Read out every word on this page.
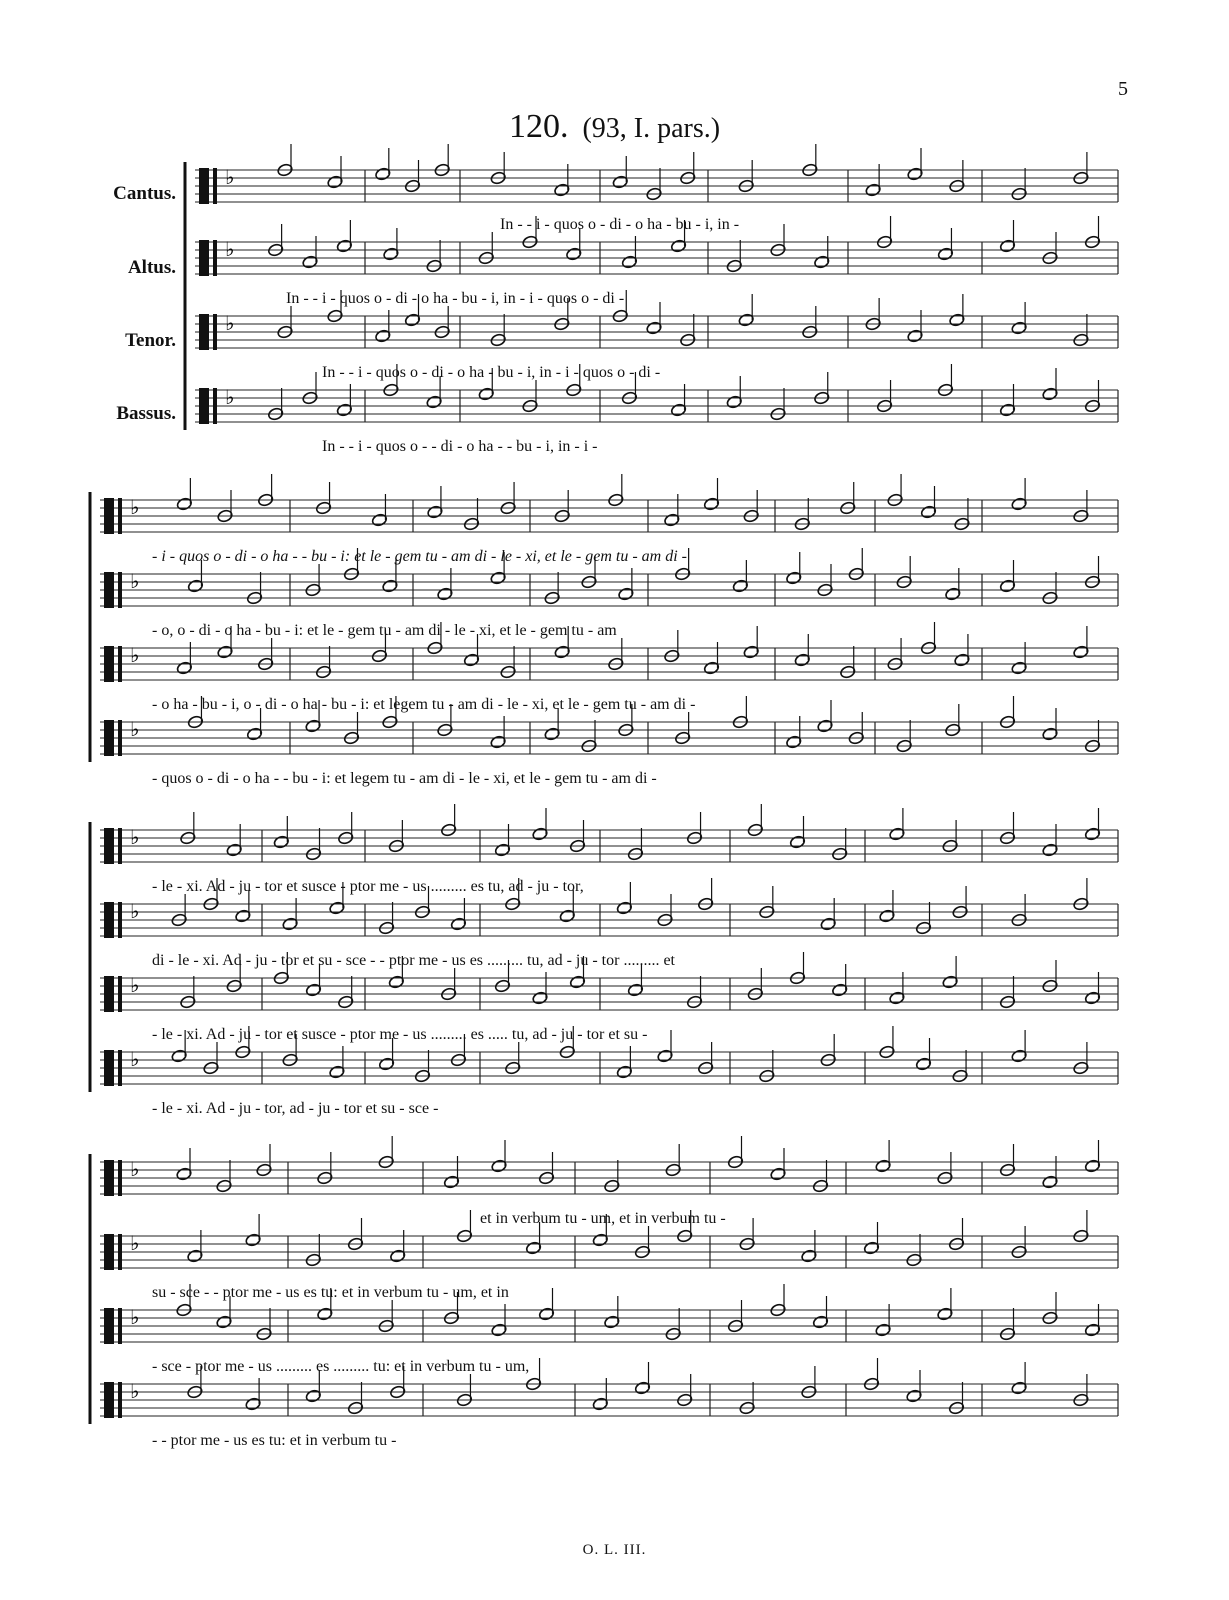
5
120. (93, I. pars.)
Cantus.
Altus.
Tenor.
Bassus.
In - - i - quos o - di - o ha - bu - i, in -
In - - i - quos o - di - o ha - bu - i, in - i - quos o - di -
In - - i - quos o - di - o ha - bu - i, in - i - quos o - di -
In - - i - quos o - - di - o ha - - bu - i, in - i -
- i - quos o - di - o ha - - bu - i: et le - gem tu - am di - le - xi, et le - gem tu - am di -
- o, o - di - o ha - bu - i: et le - gem tu - am di - le - xi, et le - gem tu - am
- o ha - bu - i, o - di - o ha - bu - i: et legem tu - am di - le - xi, et le - gem tu - am di -
- quos o - di - o ha - - bu - i: et legem tu - am di - le - xi, et le - gem tu - am di -
- le - xi. Ad - ju - tor et susce - ptor me - us ......... es tu, ad - ju - tor,
di - le - xi. Ad - ju - tor et su - sce - - ptor me - us es ......... tu, ad - ju - tor ......... et
- le - xi. Ad - ju - tor et susce - ptor me - us ......... es ..... tu, ad - ju - tor et su -
- le - xi. Ad - ju - tor, ad - ju - tor et su - sce -
et in verbum tu - um, et in verbum tu -
su - sce - - ptor me - us es tu: et in verbum tu - um, et in
- sce - ptor me - us ......... es ......... tu: et in verbum tu - um,
- - ptor me - us es tu: et in verbum tu -
O. L. III.
♭
♭
♭
♭
♭
♭
♭
♭
♭
♭
♭
♭
♭
♭
♭
♭
